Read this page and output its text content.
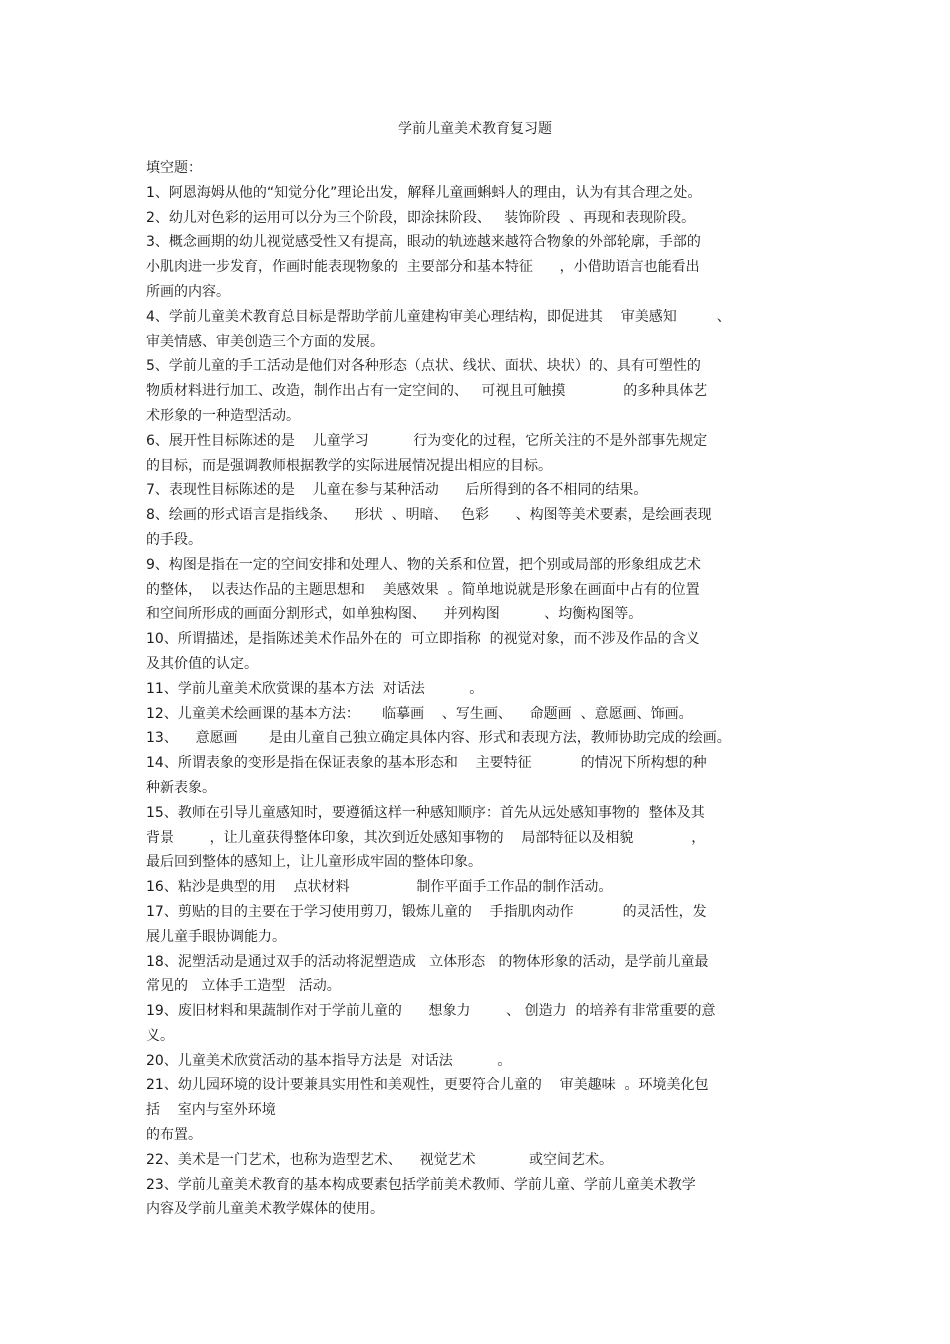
学前儿童美术教育复习题
填空题：
1、阿恩海姆从他的“知觉分化”理论出发，解释儿童画蝌蚪人的理由，认为有其合理之处。
2、幼儿对色彩的运用可以分为三个阶段，即涂抹阶段、   装饰阶段  、再现和表现阶段。
3、概念画期的幼儿视觉感受性又有提高，眼动的轨迹越来越符合物象的外部轮廓，手部的
小肌肉进一步发育，作画时能表现物象的  主要部分和基本特征      ，小借助语言也能看出
所画的内容。
4、学前儿童美术教育总目标是帮助学前儿童建构审美心理结构，即促进其    审美感知         、
审美情感、审美创造三个方面的发展。
5、学前儿童的手工活动是他们对各种形态（点状、线状、面状、块状）的、具有可塑性的
物质材料进行加工、改造，制作出占有一定空间的、   可视且可触摸             的多种具体艺
术形象的一种造型活动。
6、展开性目标陈述的是    儿童学习          行为变化的过程，它所关注的不是外部事先规定
的目标，而是强调教师根据教学的实际进展情况提出相应的目标。
7、表现性目标陈述的是    儿童在参与某种活动      后所得到的各不相同的结果。
8、绘画的形式语言是指线条、    形状  、明暗、   色彩      、构图等美术要素，是绘画表现
的手段。
9、构图是指在一定的空间安排和处理人、物的关系和位置，把个别或局部的形象组成艺术
的整体，  以表达作品的主题思想和    美感效果  。简单地说就是形象在画面中占有的位置
和空间所形成的画面分割形式，如单独构图、    并列构图          、均衡构图等。
10、所谓描述，是指陈述美术作品外在的  可立即指称  的视觉对象，而不涉及作品的含义
及其价值的认定。
11、学前儿童美术欣赏课的基本方法  对话法          。
12、儿童美术绘画课的基本方法：     临摹画    、写生画、    命题画  、意愿画、饰画。
13、    意愿画       是由儿童自己独立确定具体内容、形式和表现方法，教师协助完成的绘画。
14、所谓表象的变形是指在保证表象的基本形态和    主要特征           的情况下所构想的种
种新表象。
15、教师在引导儿童感知时，要遵循这样一种感知顺序：首先从远处感知事物的  整体及其
背景        ，让儿童获得整体印象，其次到近处感知事物的    局部特征以及相貌             ，
最后回到整体的感知上，让儿童形成牢固的整体印象。
16、粘沙是典型的用    点状材料               制作平面手工作品的制作活动。
17、剪贴的目的主要在于学习使用剪刀，锻炼儿童的    手指肌肉动作           的灵活性，发
展儿童手眼协调能力。
18、泥塑活动是通过双手的活动将泥塑造成   立体形态   的物体形象的活动，是学前儿童最
常见的   立体手工造型   活动。
19、废旧材料和果蔬制作对于学前儿童的      想象力        、 创造力  的培养有非常重要的意
义。
20、儿童美术欣赏活动的基本指导方法是  对话法          。
21、幼儿园环境的设计要兼具实用性和美观性，更要符合儿童的    审美趣味  。环境美化包
括    室内与室外环境
的布置。
22、美术是一门艺术，也称为造型艺术、    视觉艺术            或空间艺术。
23、学前儿童美术教育的基本构成要素包括学前美术教师、学前儿童、学前儿童美术教学
内容及学前儿童美术教学媒体的使用。
